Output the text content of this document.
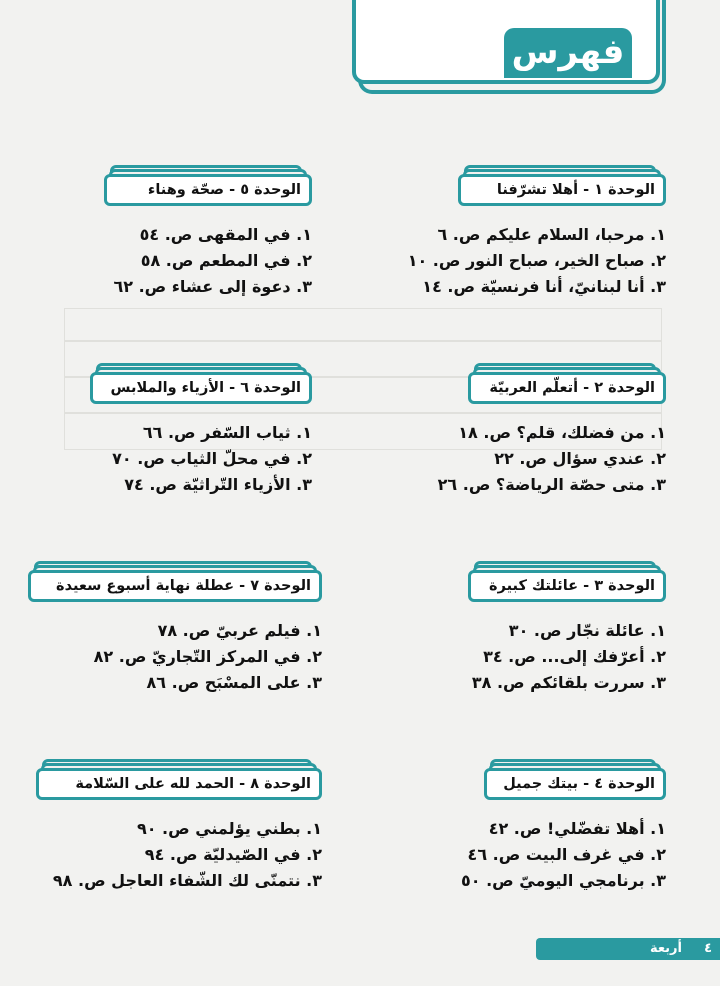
فهرس
الوحدة ١ - أهلا تشرّفنا
١. مرحبا، السلام عليكم ص. ٦
٢. صباح الخير، صباح النور ص. ١٠
٣. أنا لبنانيّ، أنا فرنسيّة ص. ١٤
الوحدة ٢ - أتعلّم العربيّة
١. من فضلك، قلم؟ ص. ١٨
٢. عندي سؤال ص. ٢٢
٣. متى حصّة الرياضة؟ ص. ٢٦
الوحدة ٣ - عائلتك كبيرة
١. عائلة نجّار ص. ٣٠
٢. أعرّفك إلى... ص. ٣٤
٣. سررت بلقائكم ص. ٣٨
الوحدة ٤ - بيتك جميل
١. أهلا تفضّلي! ص. ٤٢
٢. في غرف البيت ص. ٤٦
٣. برنامجي اليوميّ ص. ٥٠
الوحدة ٥ - صحّة وهناء
١. في المقهى ص. ٥٤
٢. في المطعم ص. ٥٨
٣. دعوة إلى عشاء ص. ٦٢
الوحدة ٦ - الأزياء والملابس
١. ثياب السّفر ص. ٦٦
٢. في محلّ الثياب ص. ٧٠
٣. الأزياء التّراثيّة ص. ٧٤
الوحدة ٧ - عطلة نهاية أسبوع سعيدة
١. فيلم عربيّ ص. ٧٨
٢. في المركز التّجاريّ ص. ٨٢
٣. على المسْبَح ص. ٨٦
الوحدة ٨ - الحمد لله على السّلامة
١. بطني يؤلمني ص. ٩٠
٢. في الصّيدليّة ص. ٩٤
٣. نتمنّى لك الشّفاء العاجل ص. ٩٨
أربعة ٤
